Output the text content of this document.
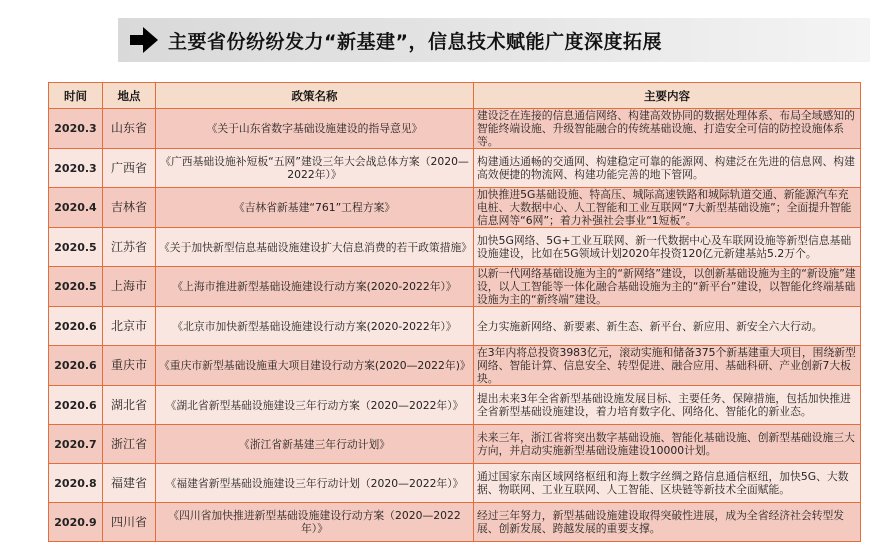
主要省份纷纷发力“新基建”，信息技术赋能广度深度拓展
时间	地点	政策名称	主要内容
2020.3	山东省	《关于山东省数字基础设施建设的指导意见》	建设泛在连接的信息通信网络、构建高效协同的数据处理体系、布局全域感知的智能终端设施、升级智能融合的传统基础设施、打造安全可信的防控设施体系等。
2020.3	广西省	《广西基础设施补短板“五网”建设三年大会战总体方案（2020—2022年）》	构建通达通畅的交通网、构建稳定可靠的能源网、构建泛在先进的信息网、构建高效便捷的物流网、构建功能完善的地下管网。
2020.4	吉林省	《吉林省新基建“761”工程方案》	加快推进5G基础设施、特高压、城际高速铁路和城际轨道交通、新能源汽车充电桩、大数据中心、人工智能和工业互联网“7大新型基础设施”；全面提升智能信息网等“6网”；着力补强社会事业“1短板”。
2020.5	江苏省	《关于加快新型信息基础设施建设扩大信息消费的若干政策措施》	加快5G网络、5G+工业互联网、新一代数据中心及车联网设施等新型信息基础设施建设，比如在5G领域计划2020年投资120亿元新建基站5.2万个。
2020.5	上海市	《上海市推进新型基础设施建设行动方案(2020-2022年）》	以新一代网络基础设施为主的“新网络”建设，以创新基础设施为主的“新设施”建设，以人工智能等一体化融合基础设施为主的“新平台”建设，以智能化终端基础设施为主的“新终端”建设。
2020.6	北京市	《北京市加快新型基础设施建设行动方案(2020-2022年）》	全力实施新网络、新要素、新生态、新平台、新应用、新安全六大行动。
2020.6	重庆市	《重庆市新型基础设施重大项目建设行动方案(2020—2022年)》	在3年内将总投资3983亿元，滚动实施和储备375个新基建重大项目，围绕新型网络、智能计算、信息安全、转型促进、融合应用、基础科研、产业创新7大板块。
2020.6	湖北省	《湖北省新型基础设施建设三年行动方案（2020—2022年）》	提出未来3年全省新型基础设施发展目标、主要任务、保障措施，包括加快推进全省新型基础设施建设，着力培育数字化、网络化、智能化的新业态。
2020.7	浙江省	《浙江省新基建三年行动计划》	未来三年，浙江省将突出数字基础设施、智能化基础设施、创新型基础设施三大方向，并启动实施新型基础设施建设10000计划。
2020.8	福建省	《福建省新型基础设施建设三年行动计划（2020—2022年）》	通过国家东南区域网络枢纽和海上数字丝绸之路信息通信枢纽，加快5G、大数据、物联网、工业互联网、人工智能、区块链等新技术全面赋能。
2020.9	四川省	《四川省加快推进新型基础设施建设行动方案（2020—2022年）》	经过三年努力，新型基础设施建设取得突破性进展，成为全省经济社会转型发展、创新发展、跨越发展的重要支撑。
